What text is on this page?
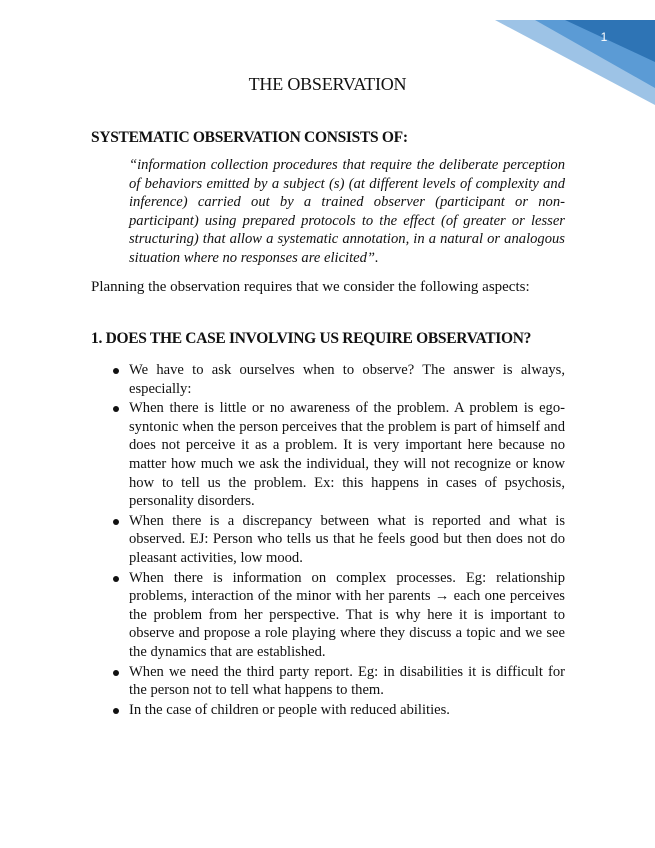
1
THE OBSERVATION
SYSTEMATIC OBSERVATION CONSISTS OF:

“information collection procedures that require the deliberate perception of behaviors emitted by a subject (s) (at different levels of complexity and inference) carried out by a trained observer (participant or non-participant) using prepared protocols to the effect (of greater or lesser structuring) that allow a systematic annotation, in a natural or analogous situation where no responses are elicited”.

Planning the observation requires that we consider the following aspects:

1. DOES THE CASE INVOLVING US REQUIRE OBSERVATION?
We have to ask ourselves when to observe? The answer is always, especially:
When there is little or no awareness of the problem. A problem is ego-syntonic when the person perceives that the problem is part of himself and does not perceive it as a problem. It is very important here because no matter how much we ask the individual, they will not recognize or know how to tell us the problem. Ex: this happens in cases of psychosis, personality disorders.
When there is a discrepancy between what is reported and what is observed. EJ: Person who tells us that he feels good but then does not do pleasant activities, low mood.
When there is information on complex processes. Eg: relationship problems, interaction of the minor with her parents → each one perceives the problem from her perspective. That is why here it is important to observe and propose a role playing where they discuss a topic and we see the dynamics that are established.
When we need the third party report. Eg: in disabilities it is difficult for the person not to tell what happens to them.
In the case of children or people with reduced abilities.
